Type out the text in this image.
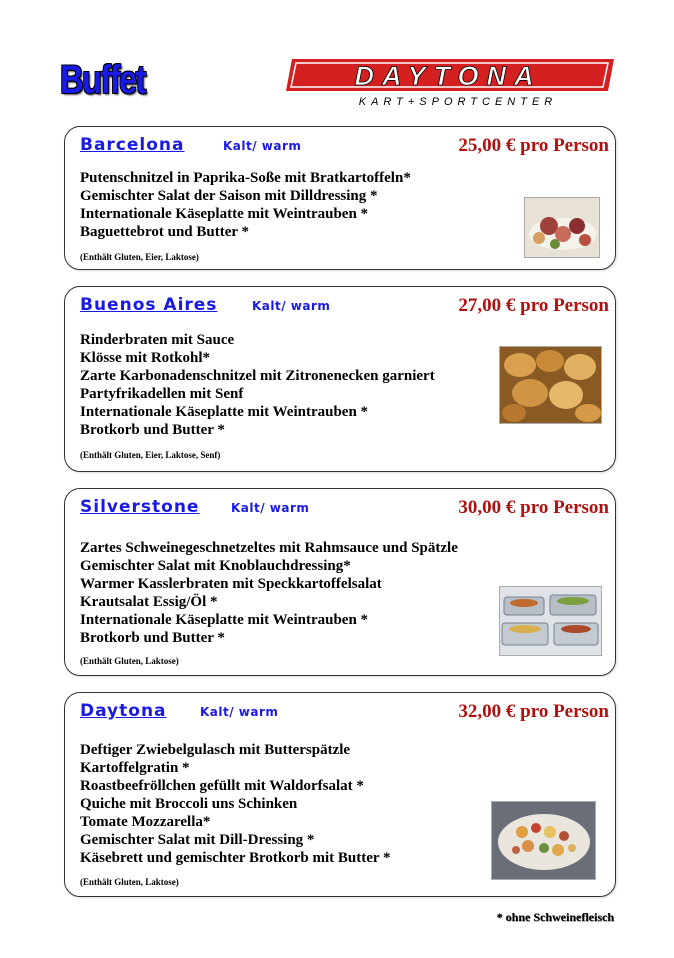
Buffet	DAYTONA
KART+SPORTCENTER
Barcelona	Kalt/ warm	25,00 € pro Person
Putenschnitzel in Paprika-Soße mit Bratkartoffeln*
Gemischter Salat der Saison mit Dilldressing *
Internationale Käseplatte mit Weintrauben *
Baguettebrot und Butter *
(Enthält Gluten, Eier, Laktose)
Buenos Aires	Kalt/ warm	27,00 € pro Person
Rinderbraten mit Sauce
Klösse mit Rotkohl*
Zarte Karbonadenschnitzel mit Zitronenecken garniert
Partyfrikadellen mit Senf
Internationale Käseplatte mit Weintrauben *
Brotkorb und Butter *
(Enthält Gluten, Eier, Laktose, Senf)
Silverstone	Kalt/ warm	30,00 € pro Person
Zartes Schweinegeschnetzeltes mit Rahmsauce und Spätzle
Gemischter Salat mit Knoblauchdressing*
Warmer Kasslerbraten mit Speckkartoffelsalat
Krautsalat Essig/Öl *
Internationale Käseplatte mit Weintrauben *
Brotkorb und Butter *
(Enthält Gluten, Laktose)
Daytona	Kalt/ warm	32,00 € pro Person
Deftiger Zwiebelgulasch mit Butterspätzle
Kartoffelgratin *
Roastbeefröllchen gefüllt mit Waldorfsalat *
Quiche mit Broccoli uns Schinken
Tomate Mozzarella*
Gemischter Salat mit Dill-Dressing *
Käsebrett und gemischter Brotkorb mit Butter *
(Enthält Gluten, Laktose)
* ohne Schweinefleisch
